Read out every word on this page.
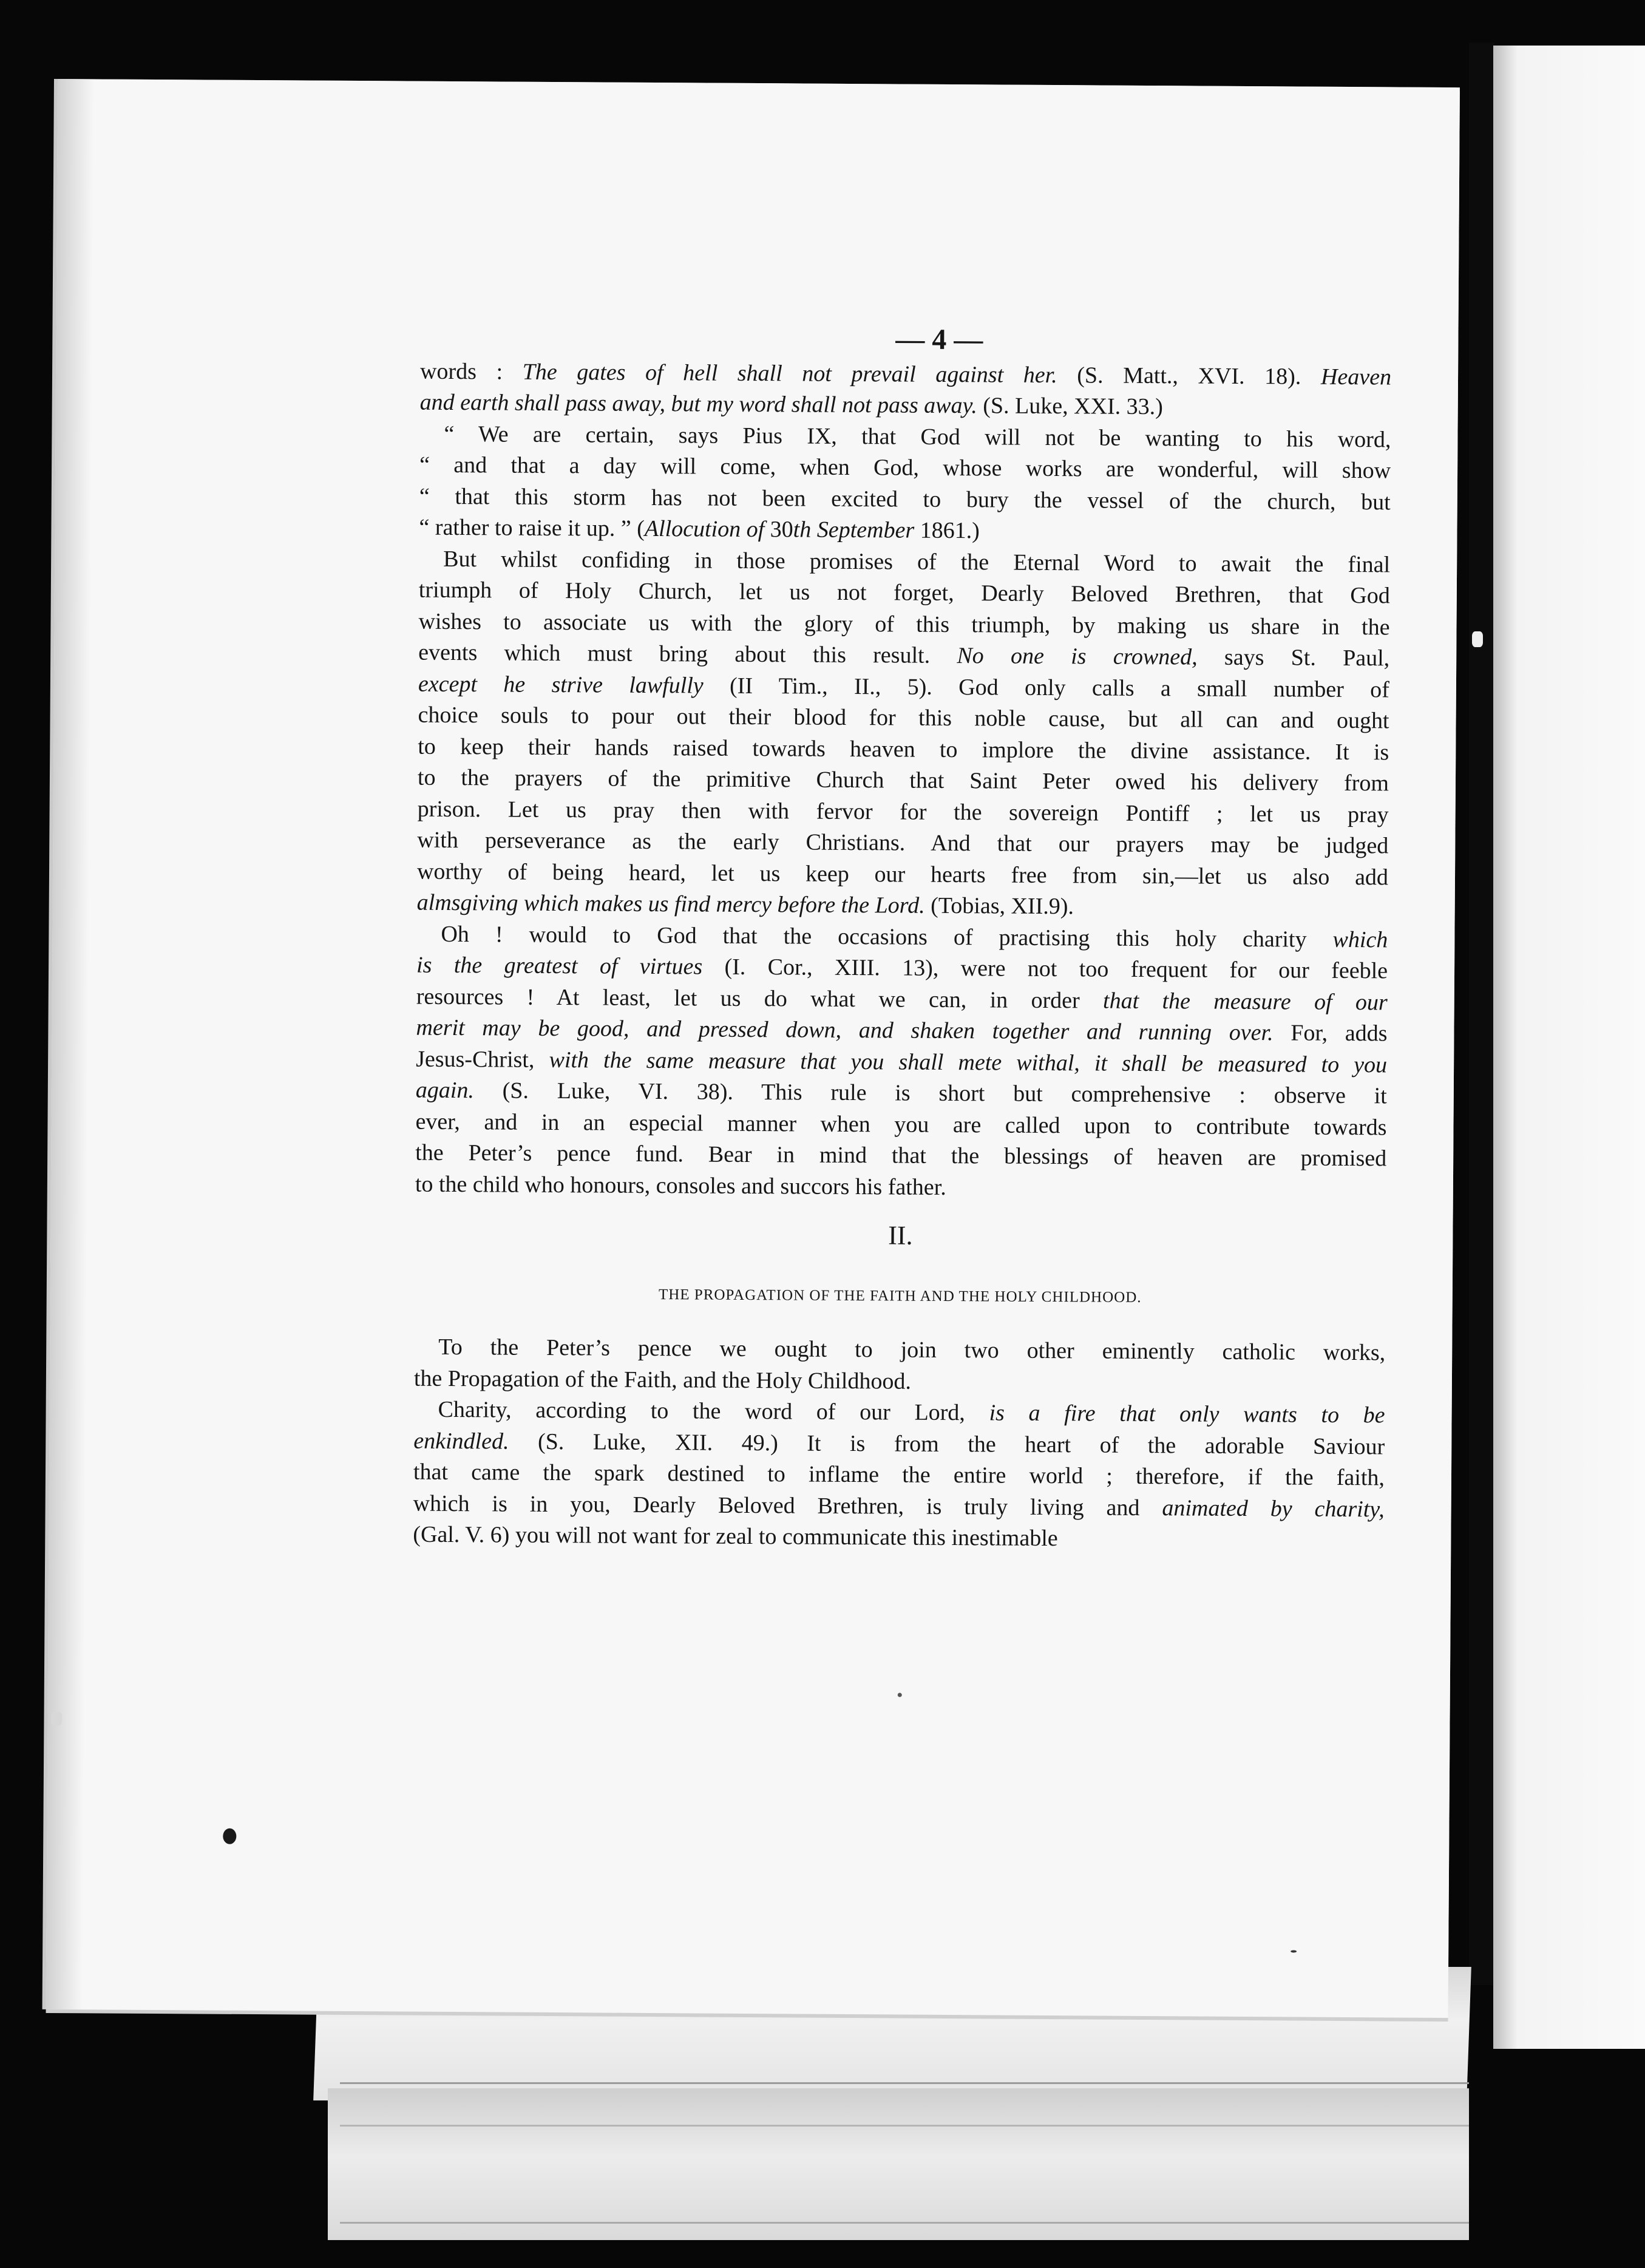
— 4 —
words : The gates of hell shall not prevail against her. (S. Matt., XVI. 18). Heaven
and earth shall pass away, but my word shall not pass away. (S. Luke, XXI. 33.)
“ We are certain, says Pius IX, that God will not be wanting to his word,
“ and that a day will come, when God, whose works are wonderful, will show
“ that this storm has not been excited to bury the vessel of the church, but
“ rather to raise it up. ” (Allocution of 30th September 1861.)
But whilst confiding in those promises of the Eternal Word to await the final
triumph of Holy Church, let us not forget, Dearly Beloved Brethren, that God
wishes to associate us with the glory of this triumph, by making us share in the
events which must bring about this result. No one is crowned, says St. Paul,
except he strive lawfully (II Tim., II., 5). God only calls a small number of
choice souls to pour out their blood for this noble cause, but all can and ought
to keep their hands raised towards heaven to implore the divine assistance. It is
to the prayers of the primitive Church that Saint Peter owed his delivery from
prison. Let us pray then with fervor for the sovereign Pontiff ; let us pray
with perseverance as the early Christians. And that our prayers may be judged
worthy of being heard, let us keep our hearts free from sin,—let us also add
almsgiving which makes us find mercy before the Lord. (Tobias, XII.9).
Oh ! would to God that the occasions of practising this holy charity which
is the greatest of virtues (I. Cor., XIII. 13), were not too frequent for our feeble
resources ! At least, let us do what we can, in order that the measure of our
merit may be good, and pressed down, and shaken together and running over. For, adds
Jesus-Christ, with the same measure that you shall mete withal, it shall be measured to you
again. (S. Luke, VI. 38). This rule is short but comprehensive : observe it
ever, and in an especial manner when you are called upon to contribute towards
the Peter’s pence fund. Bear in mind that the blessings of heaven are promised
to the child who honours, consoles and succors his father.
II.
THE PROPAGATION OF THE FAITH AND THE HOLY CHILDHOOD.
To the Peter’s pence we ought to join two other eminently catholic works,
the Propagation of the Faith, and the Holy Childhood.
Charity, according to the word of our Lord, is a fire that only wants to be
enkindled. (S. Luke, XII. 49.) It is from the heart of the adorable Saviour
that came the spark destined to inflame the entire world ; therefore, if the faith,
which is in you, Dearly Beloved Brethren, is truly living and animated by charity,
(Gal. V. 6) you will not want for zeal to communicate this inestimable
